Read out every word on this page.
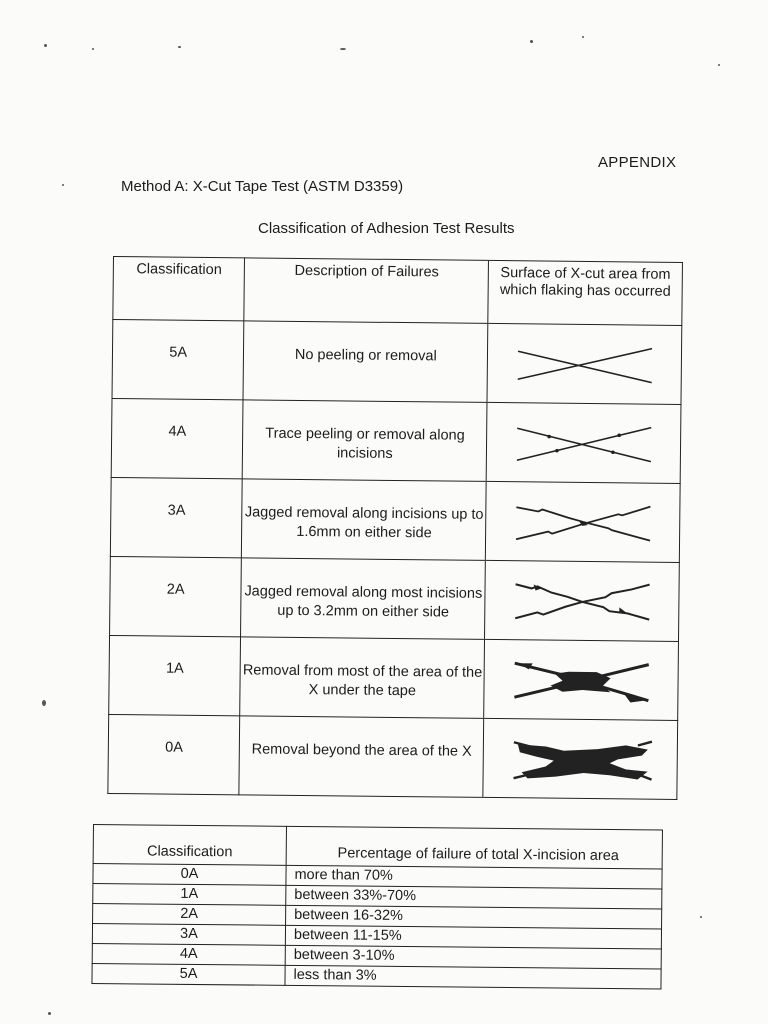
APPENDIX
Method A: X-Cut Tape Test (ASTM D3359)
Classification of Adhesion Test Results
Classification	Description of Failures	Surface of X-cut area from which flaking has occurred
5A	No peeling or removal	

4A	Trace peeling or removal along incisions	

3A	Jagged removal along incisions up to 1.6mm on either side	

2A	Jagged removal along most incisions up to 3.2mm on either side	

1A	Removal from most of the area of the X under the tape	

0A	Removal beyond the area of the X	
Classification	Percentage of failure of total X-incision area
0A	more than 70%
1A	between 33%-70%
2A	between 16-32%
3A	between 11-15%
4A	between 3-10%
5A	less than 3%
